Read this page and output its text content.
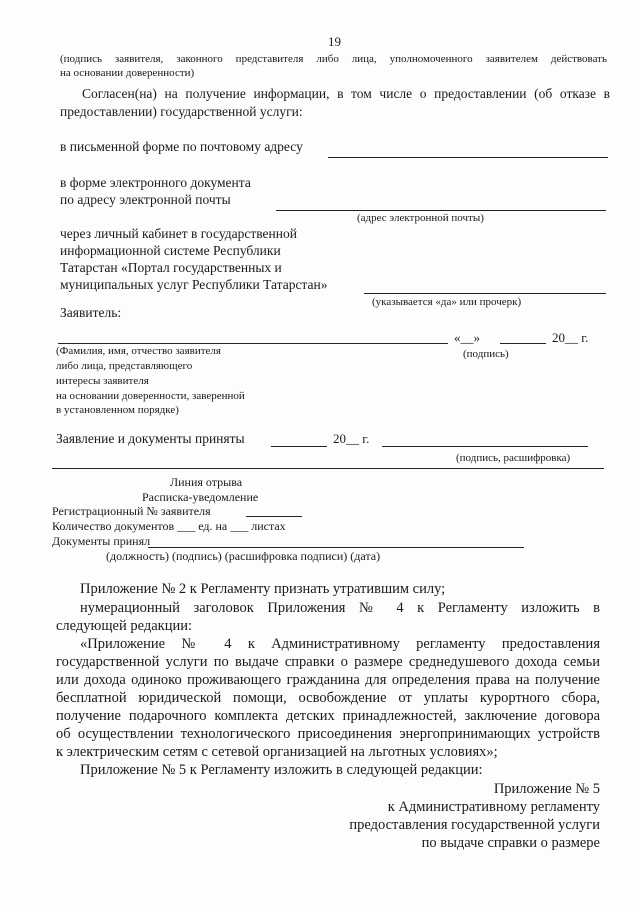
19
(подпись заявителя, законного представителя либо лица, уполномоченного заявителем действовать
на основании доверенности)
Согласен(на) на получение информации, в том числе о предоставлении (об отказе в
предоставлении) государственной услуги:
в письменной форме по почтовому адресу
в форме электронного документа
по адресу электронной почты
(адрес электронной почты)
через личный кабинет в государственной
информационной системе Республики
Татарстан «Портал государственных и
муниципальных услуг Республики Татарстан»
(указывается «да» или прочерк)
Заявитель:
«__»	20__ г.
(Фамилия, имя, отчество заявителя	(подпись)
либо лица, представляющего
интересы заявителя
на основании доверенности, заверенной
в установленном порядке)
Заявление и документы приняты	20__ г.
(подпись, расшифровка)
Линия отрыва
Расписка-уведомление
Регистрационный № заявителя
Количество документов ___ ед. на ___ листах
Документы принял
(должность) (подпись) (расшифровка подписи) (дата)
Приложение № 2 к Регламенту признать утратившим силу;
нумерационный заголовок Приложения № 4 к Регламенту изложить в
следующей редакции:
«Приложение № 4 к Административному регламенту предоставления
государственной услуги по выдаче справки о размере среднедушевого дохода семьи
или дохода одиноко проживающего гражданина для определения права на получение
бесплатной юридической помощи, освобождение от уплаты курортного сбора,
получение подарочного комплекта детских принадлежностей, заключение договора
об осуществлении технологического присоединения энергопринимающих устройств
к электрическим сетям с сетевой организацией на льготных условиях»;
Приложение № 5 к Регламенту изложить в следующей редакции:
Приложение № 5
к Административному регламенту
предоставления государственной услуги
по выдаче справки о размере
